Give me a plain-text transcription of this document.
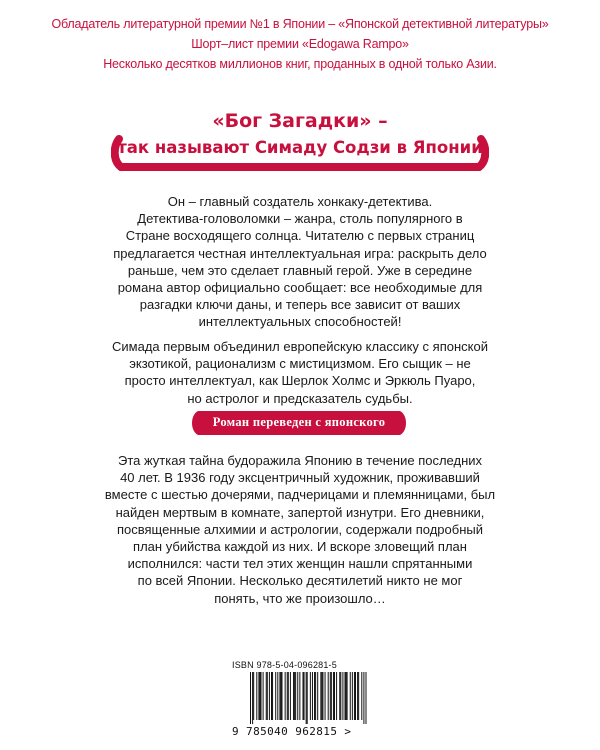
Обладатель литературной премии №1 в Японии – «Японской детективной литературы»
Шорт–лист премии «Edogawa Rampo»
Несколько десятков миллионов книг, проданных в одной только Азии.
«Бог Загадки» –
так называют Симаду Содзи в Японии
Он – главный создатель хонкаку-детектива.
Детектива-головоломки – жанра, столь популярного в
Стране восходящего солнца. Читателю с первых страниц
предлагается честная интеллектуальная игра: раскрыть дело
раньше, чем это сделает главный герой. Уже в середине
романа автор официально сообщает: все необходимые для
разгадки ключи даны, и теперь все зависит от ваших
интеллектуальных способностей!
Симада первым объединил европейскую классику с японской
экзотикой, рационализм с мистицизмом. Его сыщик – не
просто интеллектуал, как Шерлок Холмс и Эркюль Пуаро,
но астролог и предсказатель судьбы.
Роман переведен с японского
Эта жуткая тайна будоражила Японию в течение последних
40 лет. В 1936 году эксцентричный художник, проживавший
вместе с шестью дочерями, падчерицами и племянницами, был
найден мертвым в комнате, запертой изнутри. Его дневники,
посвященные алхимии и астрологии, содержали подробный
план убийства каждой из них. И вскоре зловещий план
исполнился: части тел этих женщин нашли спрятанными
по всей Японии. Несколько десятилетий никто не мог
понять, что же произошло…
ISBN 978-5-04-096281-5
9 785040 962815 >
